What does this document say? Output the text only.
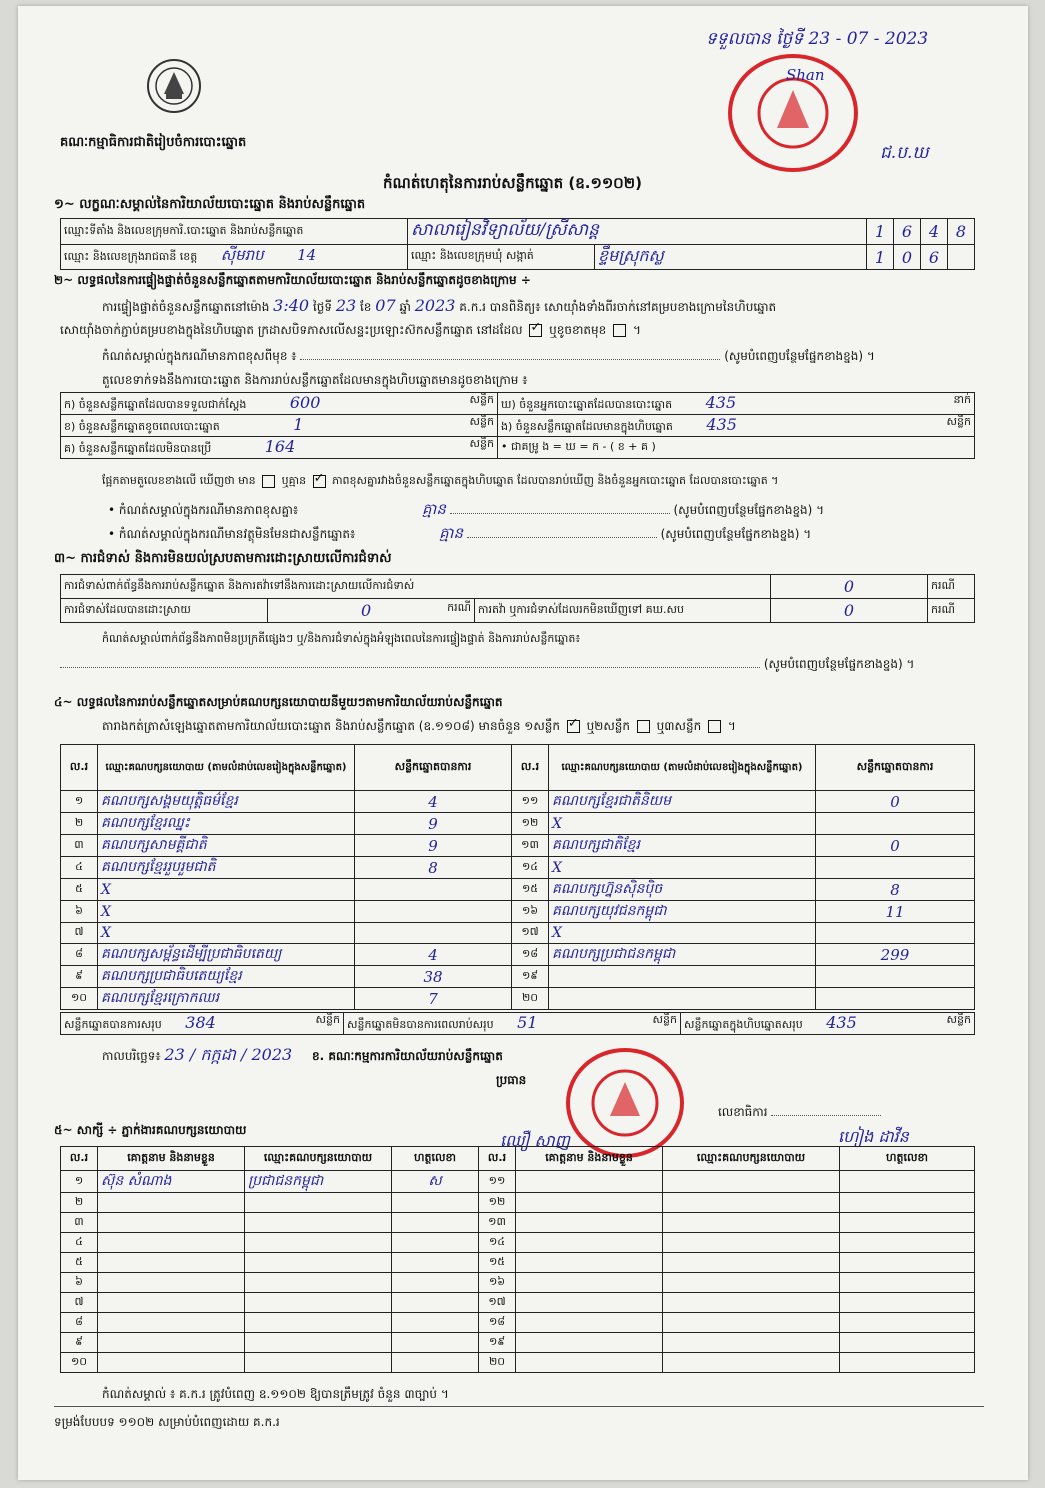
គណៈកម្មាធិការជាតិរៀបចំការបោះឆ្នោត
ទទួលបាន ថ្ងៃទី 23 - 07 - 2023
Shan
ជ.ប.ឃ
កំណត់ហេតុនៃការរាប់សន្លឹកឆ្នោត (ឧ.១១០២)
១~ លក្ខណៈសម្គាល់នៃការិយាល័យបោះឆ្នោត និងរាប់សន្លឹកឆ្នោត
ឈ្មោះទីតាំង និងលេខក្រុមការិ.បោះឆ្នោត និងរាប់សន្លឹកឆ្នោត	សាលារៀនវិទ្យាល័យ/ស្រីសាន្ត		1	6	4	8
ឈ្មោះ និងលេខក្រុងរាជធានី ខេត្ត ស៊ីមរាប 14	ឈ្មោះ និងលេខក្រុមឃុំ សង្កាត់	ខ្ទឹមស្រុកស្ល	1	0	6	
២~ លទ្ធផលនៃការផ្ទៀងផ្ទាត់ចំនួនសន្លឹកឆ្នោតតាមការិយាល័យបោះឆ្នោត និងរាប់សន្លឹកឆ្នោតដូចខាងក្រោម ÷
ការផ្ទៀងផ្ទាត់ចំនួនសន្លឹកឆ្នោតនៅម៉ោង 3:40 ថ្ងៃទី 23 ខែ 07 ឆ្នាំ 2023 គ.ក.រ បានពិនិត្យ៖ សោយ៉ាំងទាំងពីរចាក់នៅគម្របខាងក្រោមនៃហិបឆ្នោត
សោយ៉ាំងចាក់ភ្ជាប់គម្របខាងក្នុងនៃហិបឆ្នោត ក្រដាសបិទភាសលើសន្ទះប្រឡោះស៊កសន្លឹកឆ្នោត នៅដដែល ✓ ឬខូចខាតមុខ  ។
កំណត់សម្គាល់ក្នុងករណីមានភាពខុសពីមុខ ៖	(សូមបំពេញបន្ថែមផ្នែកខាងខ្នង) ។
តួលេខទាក់ទងនឹងការបោះឆ្នោត និងការរាប់សន្លឹកឆ្នោតដែលមានក្នុងហិបឆ្នោតមានដូចខាងក្រោម ៖
ក) ចំនួនសន្លឹកឆ្នោតដែលបានទទួលជាក់ស្តែង 600 សន្លឹក	ឃ) ចំនួនអ្នកបោះឆ្នោតដែលបានបោះឆ្នោត 435 នាក់

ខ) ចំនួនសន្លឹកឆ្នោតខូចពេលបោះឆ្នោត 1 សន្លឹក	ង) ចំនួនសន្លឹកឆ្នោតដែលមានក្នុងហិបឆ្នោត 435 សន្លឹក

គ) ចំនួនសន្លឹកឆ្នោតដែលមិនបានប្រើ 164 សន្លឹក	• ជាគម្រូ ង = ឃ = ក - ( ខ + គ )
ផ្អែកតាមតួលេខខាងលើ ឃើញថា មាន ឬគ្មាន ✓ ភាពខុសគ្នារវាងចំនួនសន្លឹកឆ្នោតក្នុងហិបឆ្នោត ដែលបានរាប់ឃើញ និងចំនួនអ្នកបោះឆ្នោត ដែលបានបោះឆ្នោត ។
• កំណត់សម្គាល់ក្នុងករណីមានភាពខុសគ្នា៖	គ្មាន	(សូមបំពេញបន្ថែមផ្នែកខាងខ្នង) ។
• កំណត់សម្គាល់ក្នុងករណីមានវត្ថុមិនមែនជាសន្លឹកឆ្នោត៖	គ្មាន	(សូមបំពេញបន្ថែមផ្នែកខាងខ្នង) ។
៣~ ការជំទាស់ និងការមិនយល់ស្របតាមការដោះស្រាយលើការជំទាស់
ការជំទាស់ពាក់ព័ន្ធនឹងការរាប់សន្លឹកឆ្នោត និងការតវ៉ាទៅនឹងការដោះស្រាយលើការជំទាស់			0	ករណី
ការជំទាស់ដែលបានដោះស្រាយ	0 ករណី	ការតវ៉ា ឬការជំទាស់ដែលរកមិនឃើញទៅ គឃ.សប	0	ករណី
កំណត់សម្គាល់ពាក់ព័ន្ធនឹងភាពមិនប្រក្រតីផ្សេងៗ ឬ/និងការជំទាស់ក្នុងអំឡុងពេលនៃការផ្ទៀងផ្ទាត់ និងការរាប់សន្លឹកឆ្នោត៖
(សូមបំពេញបន្ថែមផ្នែកខាងខ្នង) ។
៤~ លទ្ធផលនៃការរាប់សន្លឹកឆ្នោតសម្រាប់គណបក្សនយោបាយនីមួយៗតាមការិយាល័យរាប់សន្លឹកឆ្នោត
តារាងកត់ត្រាសំឡេងឆ្នោតតាមការិយាល័យបោះឆ្នោត និងរាប់សន្លឹកឆ្នោត (ឧ.១១០៨) មានចំនួន ១សន្លឹក ✓ ឬ២សន្លឹក ឬ៣សន្លឹក  ។
ល.រ	ឈ្មោះគណបក្សនយោបាយ (តាមលំដាប់លេខរៀងក្នុងសន្លឹកឆ្នោត)	សន្លឹកឆ្នោតបានការ	ល.រ	ឈ្មោះគណបក្សនយោបាយ (តាមលំដាប់លេខរៀងក្នុងសន្លឹកឆ្នោត)	សន្លឹកឆ្នោតបានការ
១	គណបក្សសង្គមយុត្តិធម៌ខ្មែរ	4	១១	គណបក្សខ្មែរជាតិនិយម	0
២	គណបក្សខ្មែរឈ្នះ	9	១២	X	
៣	គណបក្សសាមគ្គីជាតិ	9	១៣	គណបក្សជាតិខ្មែរ	0
៤	គណបក្សខ្មែររួបរួមជាតិ	8	១៤	X	
៥	X		១៥	គណបក្សហ្វ៊ុនស៊ិនប៉ិច	8
៦	X		១៦	គណបក្សយុវជនកម្ពុជា	11
៧	X		១៧	X	
៨	គណបក្សសម្ព័ន្ធដើម្បីប្រជាធិបតេយ្យ	4	១៨	គណបក្សប្រជាជនកម្ពុជា	299
៩	គណបក្សប្រជាធិបតេយ្យខ្មែរ	38	១៩		
១០	គណបក្សខ្មែរក្រោកឈរ	7	២០		
សន្លឹកឆ្នោតបានការសរុប 384	សន្លឹក	សន្លឹកឆ្នោតមិនបានការពេលរាប់សរុប 51	សន្លឹក	សន្លឹកឆ្នោតក្នុងហិបឆ្នោតសរុប 435	សន្លឹក
កាលបរិច្ឆេទ៖ 23 / កក្កដា / 2023 ខ. គណៈកម្មការការិយាល័យរាប់សន្លឹកឆ្នោត
ប្រធាន
ឈឿ សាញ
លេខាធិការ
ហៀង ដាវីន
៥~ សាក្សី ÷ ភ្នាក់ងារគណបក្សនយោបាយ
ល.រ	គោត្តនាម និងនាមខ្លួន	ឈ្មោះគណបក្សនយោបាយ	ហត្ថលេខា	ល.រ	គោត្តនាម និងនាមខ្លួន	ឈ្មោះគណបក្សនយោបាយ	ហត្ថលេខា
១	ស៊ុន សំណាង	ប្រជាជនកម្ពុជា	ស	១១			
២				១២			
៣				១៣			
៤				១៤			
៥				១៥			
៦				១៦			
៧				១៧			
៨				១៨			
៩				១៩			
១០				២០			
កំណត់សម្គាល់ ៖ គ.ក.រ ត្រូវបំពេញ ឧ.១១០២ ឱ្យបានត្រឹមត្រូវ ចំនួន ៣ច្បាប់ ។
ទម្រង់បែបបទ ១១០២ សម្រាប់បំពេញដោយ គ.ក.រ
